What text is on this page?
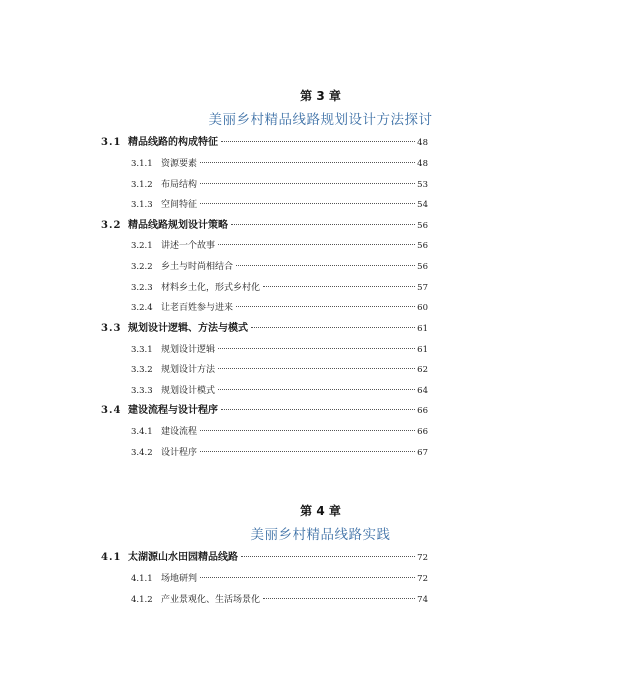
第 3 章
美丽乡村精品线路规划设计方法探讨
第 4 章
美丽乡村精品线路实践
3.1 精品线路的构成特征	48
3.1.1 资源要素	48
3.1.2 布局结构	53
3.1.3 空间特征	54
3.2 精品线路规划设计策略	56
3.2.1 讲述一个故事	56
3.2.2 乡土与时尚相结合	56
3.2.3 材料乡土化，形式乡村化	57
3.2.4 让老百姓参与进来	60
3.3 规划设计逻辑、方法与模式	61
3.3.1 规划设计逻辑	61
3.3.2 规划设计方法	62
3.3.3 规划设计模式	64
3.4 建设流程与设计程序	66
3.4.1 建设流程	66
3.4.2 设计程序	67
4.1 太湖源山水田园精品线路	72
4.1.1 场地研判	72
4.1.2 产业景观化、生活场景化	74
